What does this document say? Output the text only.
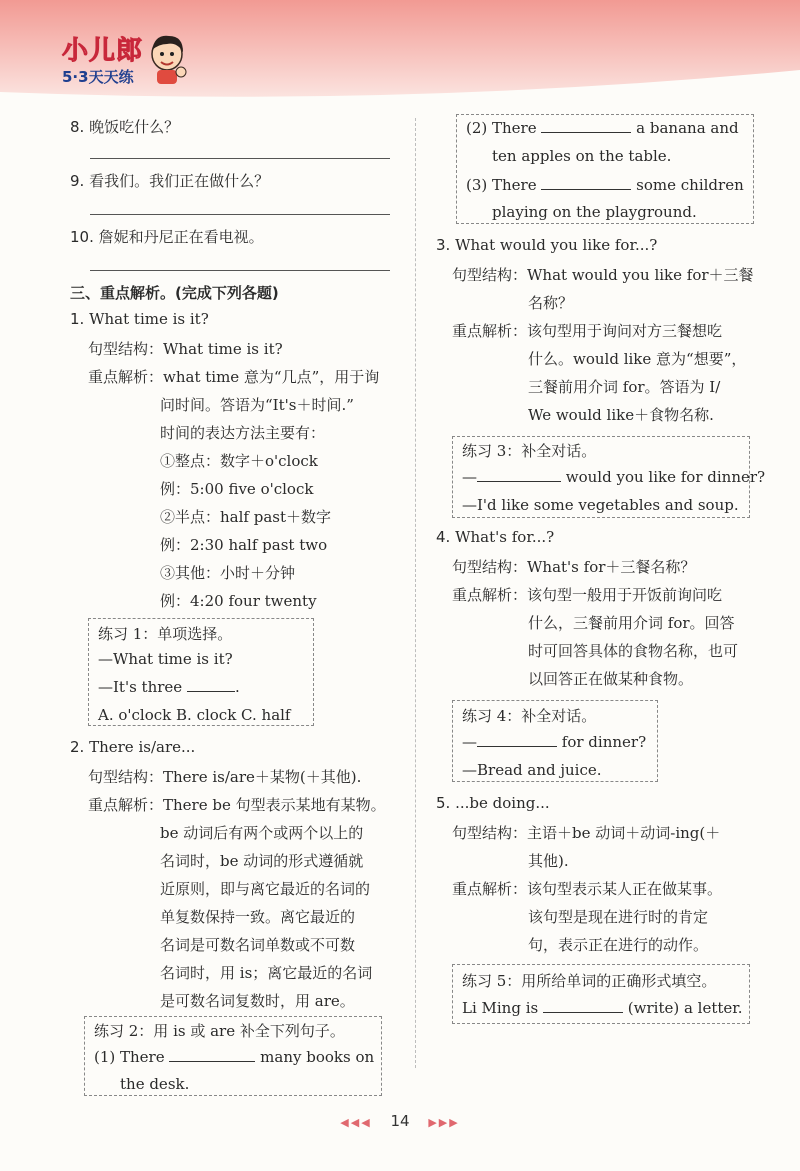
小儿郎
5·3天天练
8. 晚饭吃什么？
9. 看我们。我们正在做什么？
10. 詹妮和丹尼正在看电视。
三、重点解析。(完成下列各题)
1. What time is it?
句型结构：What time is it?
重点解析：what time 意为“几点”，用于询
问时间。答语为“It's＋时间.”
时间的表达方法主要有：
①整点：数字＋o'clock
例：5:00 five o'clock
②半点：half past＋数字
例：2:30 half past two
③其他：小时＋分钟
例：4:20 four twenty
练习 1：单项选择。
—What time is it?
—It's three	.
A. o'clock B. clock C. half
2. There is/are...
句型结构：There is/are＋某物(＋其他).
重点解析：There be 句型表示某地有某物。
be 动词后有两个或两个以上的
名词时，be 动词的形式遵循就
近原则，即与离它最近的名词的
单复数保持一致。离它最近的
名词是可数名词单数或不可数
名词时，用 is；离它最近的名词
是可数名词复数时，用 are。
练习 2：用 is 或 are 补全下列句子。
(1) There	many books on
the desk.
(2) There	a banana and
ten apples on the table.
(3) There	some children
playing on the playground.
3. What would you like for...?
句型结构：What would you like for＋三餐
名称？
重点解析：该句型用于询问对方三餐想吃
什么。would like 意为“想要”，
三餐前用介词 for。答语为 I/
We would like＋食物名称.
练习 3：补全对话。
—	would you like for dinner?
—I'd like some vegetables and soup.
4. What's for...?
句型结构：What's for＋三餐名称？
重点解析：该句型一般用于开饭前询问吃
什么，三餐前用介词 for。回答
时可回答具体的食物名称，也可
以回答正在做某种食物。
练习 4：补全对话。
—	for dinner?
—Bread and juice.
5. ...be doing...
句型结构：主语＋be 动词＋动词-ing(＋
其他).
重点解析：该句型表示某人正在做某事。
该句型是现在进行时的肯定
句，表示正在进行的动作。
练习 5：用所给单词的正确形式填空。
Li Ming is	(write) a letter.
◀◀◀ 14 ▶▶▶
